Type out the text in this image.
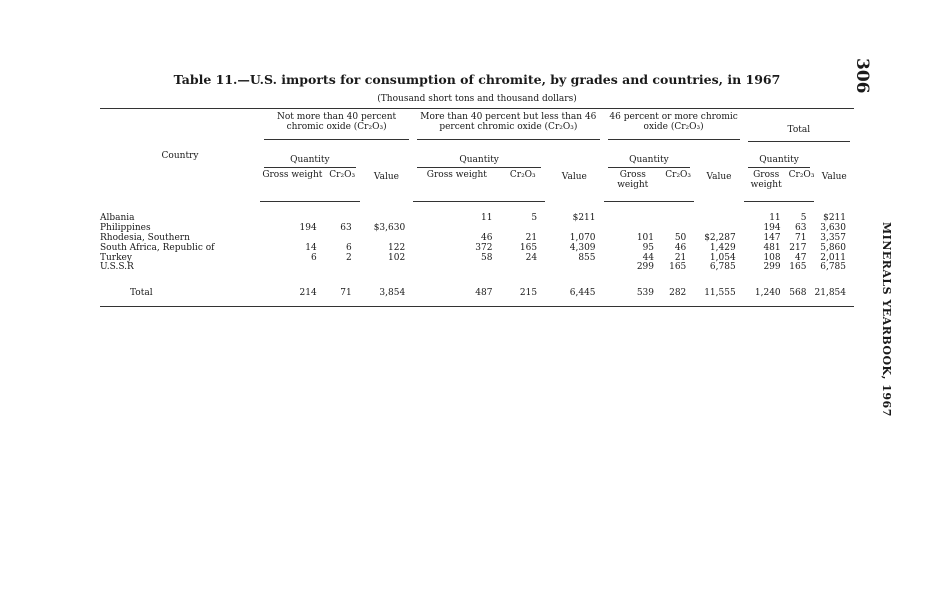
306
MINERALS YEARBOOK, 1967
Table 11.—U.S. imports for consumption of chromite, by grades and countries, in 1967
(Thousand short tons and thousand dollars)
Country	Not more than 40 percent chromic oxide (Cr₂O₃)			More than 40 percent but less than 46 percent chromic oxide (Cr₂O₃)			46 percent or more chromic oxide (Cr₂O₃)			Total		

	Quantity		Value	Quantity		Value	Quantity		Value	Quantity		Value
	Gross weight	Cr₂O₃		Gross weight	Cr₂O₃		Gross weight	Cr₂O₃		Gross weight	Cr₂O₃	

Albania				11	5	$211				11	5	$211
Philippines	194	63	$3,630							194	63	3,630
Rhodesia, Southern				46	21	1,070	101	50	$2,287	147	71	3,357
South Africa, Republic of	14	6	122	372	165	4,309	95	46	1,429	481	217	5,860
Turkey	6	2	102	58	24	855	44	21	1,054	108	47	2,011
U.S.S.R							299	165	6,785	299	165	6,785

Total	214	71	3,854	487	215	6,445	539	282	11,555	1,240	568	21,854
